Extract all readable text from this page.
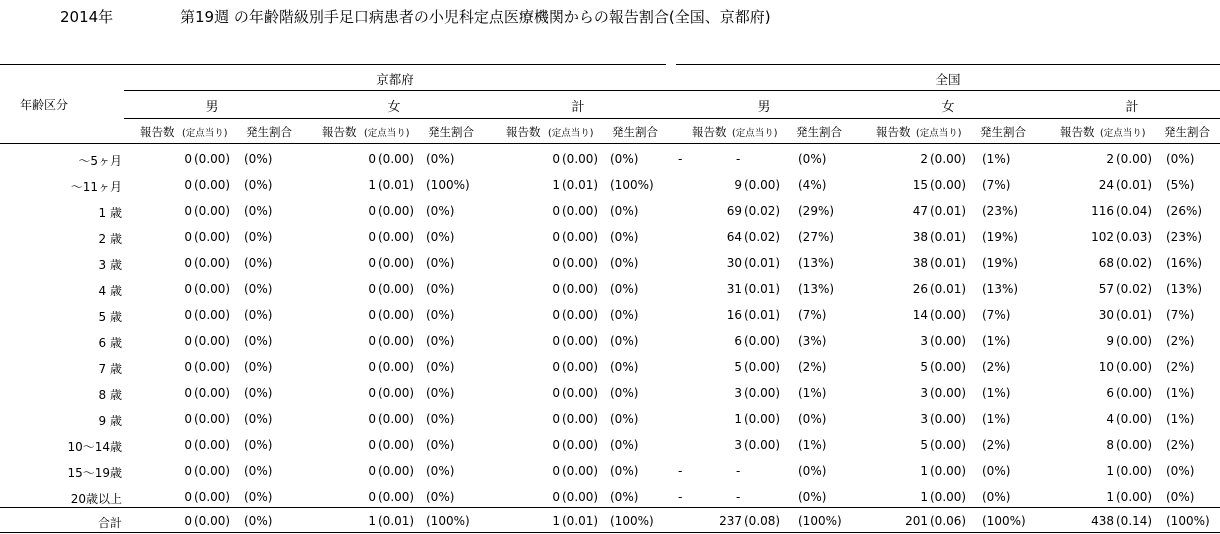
2014年	第19週 の年齢階級別手足口病患者の小児科定点医療機関からの報告割合(全国、京都府)
年齢区分
京都府	全国
男
報告数 (定点当り) 発生割合
女
報告数 (定点当り) 発生割合
計
報告数 (定点当り) 発生割合
男
報告数 (定点当り) 発生割合
女
報告数 (定点当り) 発生割合
計
報告数 (定点当り) 発生割合
～5ヶ月	0 (0.00) (0%)	0 (0.00) (0%)	0 (0.00) (0%)	-	-	(0%)	2 (0.00) (1%)	2 (0.00) (0%)
～11ヶ月	0 (0.00) (0%)	1 (0.01) (100%)	1 (0.01) (100%)	9 (0.00) (4%)	15 (0.00) (7%)	24 (0.01) (5%)
1 歳	0 (0.00) (0%)	0 (0.00) (0%)	0 (0.00) (0%)	69 (0.02) (29%)	47 (0.01) (23%)	116 (0.04) (26%)
2 歳	0 (0.00) (0%)	0 (0.00) (0%)	0 (0.00) (0%)	64 (0.02) (27%)	38 (0.01) (19%)	102 (0.03) (23%)
3 歳	0 (0.00) (0%)	0 (0.00) (0%)	0 (0.00) (0%)	30 (0.01) (13%)	38 (0.01) (19%)	68 (0.02) (16%)
4 歳	0 (0.00) (0%)	0 (0.00) (0%)	0 (0.00) (0%)	31 (0.01) (13%)	26 (0.01) (13%)	57 (0.02) (13%)
5 歳	0 (0.00) (0%)	0 (0.00) (0%)	0 (0.00) (0%)	16 (0.01) (7%)	14 (0.00) (7%)	30 (0.01) (7%)
6 歳	0 (0.00) (0%)	0 (0.00) (0%)	0 (0.00) (0%)	6 (0.00) (3%)	3 (0.00) (1%)	9 (0.00) (2%)
7 歳	0 (0.00) (0%)	0 (0.00) (0%)	0 (0.00) (0%)	5 (0.00) (2%)	5 (0.00) (2%)	10 (0.00) (2%)
8 歳	0 (0.00) (0%)	0 (0.00) (0%)	0 (0.00) (0%)	3 (0.00) (1%)	3 (0.00) (1%)	6 (0.00) (1%)
9 歳	0 (0.00) (0%)	0 (0.00) (0%)	0 (0.00) (0%)	1 (0.00) (0%)	3 (0.00) (1%)	4 (0.00) (1%)
10～14歳	0 (0.00) (0%)	0 (0.00) (0%)	0 (0.00) (0%)	3 (0.00) (1%)	5 (0.00) (2%)	8 (0.00) (2%)
15～19歳	0 (0.00) (0%)	0 (0.00) (0%)	0 (0.00) (0%)	-	-	(0%)	1 (0.00) (0%)	1 (0.00) (0%)
20歳以上	0 (0.00) (0%)	0 (0.00) (0%)	0 (0.00) (0%)	-	-	(0%)	1 (0.00) (0%)	1 (0.00) (0%)
合計	0 (0.00) (0%)	1 (0.01) (100%)	1 (0.01) (100%)	237 (0.08) (100%)	201 (0.06) (100%)	438 (0.14) (100%)
